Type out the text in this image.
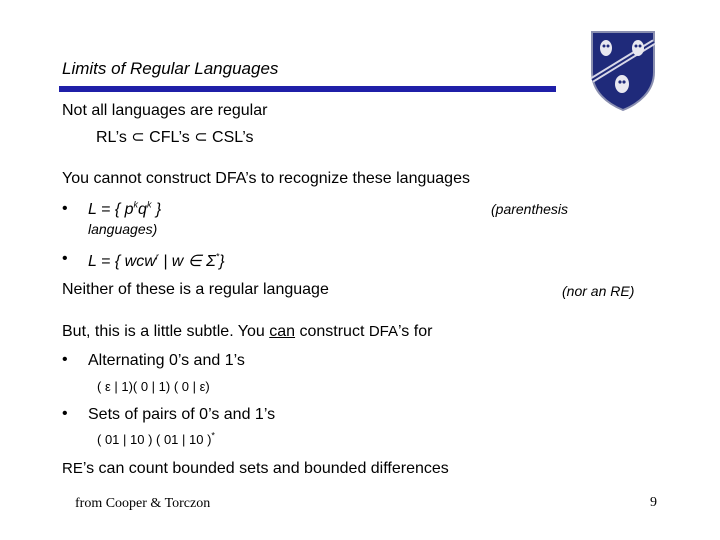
Limits of Regular Languages
Not all languages are regular
RL’s ⊂ CFL’s ⊂ CSL’s
You cannot construct DFA’s to recognize these languages
• L = { $p^kq^k$ }	(parenthesis
languages)
• L = { wcw$^r$ | w ∈ Σ*}
Neither of these is a regular language	(nor an RE)
But, this is a little subtle. You can construct DFA’s for
• Alternating 0’s and 1’s
( ε | 1)( 0 | 1) ( 0 | ε)
• Sets of pairs of 0’s and 1’s
( 01 | 10 ) ( 01 | 10 )*
RE’s can count bounded sets and bounded differences
from Cooper & Torczon	9
